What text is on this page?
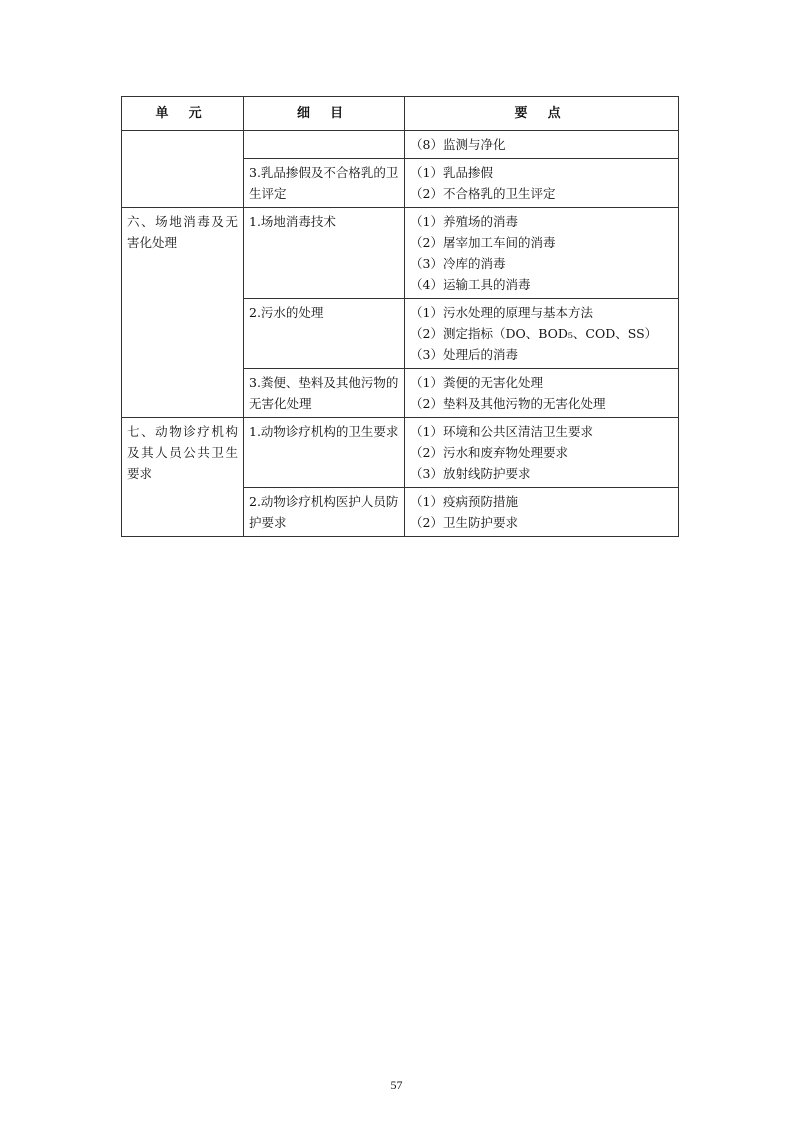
单 元	细 目	要 点

		（8）监测与净化

	3.乳品掺假及不合格乳的卫生评定	（1）乳品掺假
（2）不合格乳的卫生评定

六、场地消毒及无害化处理	1.场地消毒技术	（1）养殖场的消毒
（2）屠宰加工车间的消毒
（3）冷库的消毒
（4）运输工具的消毒

	2.污水的处理	（1）污水处理的原理与基本方法
（2）测定指标（DO、BOD₅、COD、SS）
（3）处理后的消毒

	3.粪便、垫料及其他污物的无害化处理	（1）粪便的无害化处理
（2）垫料及其他污物的无害化处理

七、动物诊疗机构及其人员公共卫生要求	1.动物诊疗机构的卫生要求	（1）环境和公共区清洁卫生要求
（2）污水和废弃物处理要求
（3）放射线防护要求

	2.动物诊疗机构医护人员防护要求	（1）疫病预防措施
（2）卫生防护要求
57
